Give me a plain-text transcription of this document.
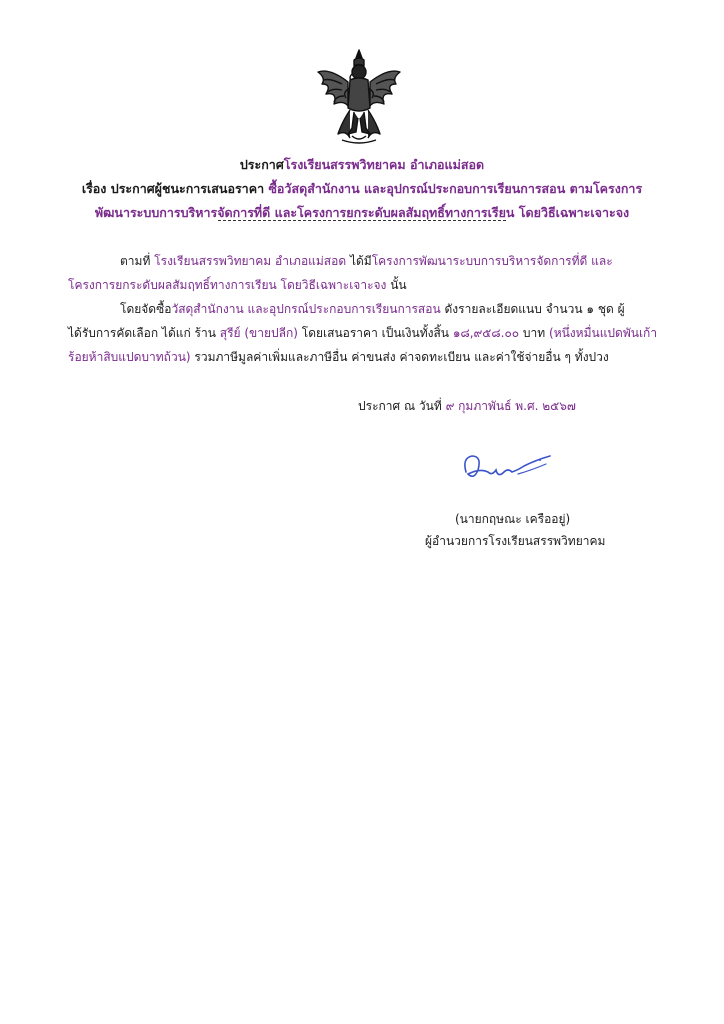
ประกาศโรงเรียนสรรพวิทยาคม อำเภอแม่สอด
เรื่อง ประกาศผู้ชนะการเสนอราคา ซื้อวัสดุสำนักงาน และอุปกรณ์ประกอบการเรียนการสอน ตามโครงการ
พัฒนาระบบการบริหารจัดการที่ดี และโครงการยกระดับผลสัมฤทธิ์ทางการเรียน โดยวิธีเฉพาะเจาะจง
ตามที่ โรงเรียนสรรพวิทยาคม อำเภอแม่สอด ได้มีโครงการพัฒนาระบบการบริหารจัดการที่ดี และ
โครงการยกระดับผลสัมฤทธิ์ทางการเรียน โดยวิธีเฉพาะเจาะจง นั้น
โดยจัดซื้อวัสดุสำนักงาน และอุปกรณ์ประกอบการเรียนการสอน ดังรายละเอียดแนบ จำนวน ๑ ชุด ผู้
ได้รับการคัดเลือก ได้แก่ ร้าน สุรีย์ (ขายปลีก) โดยเสนอราคา เป็นเงินทั้งสิ้น ๑๘,๙๕๘.๐๐ บาท (หนึ่งหมื่นแปดพันเก้า
ร้อยห้าสิบแปดบาทถ้วน) รวมภาษีมูลค่าเพิ่มและภาษีอื่น ค่าขนส่ง ค่าจดทะเบียน และค่าใช้จ่ายอื่น ๆ ทั้งปวง
ประกาศ ณ วันที่ ๙ กุมภาพันธ์ พ.ศ. ๒๕๖๗
(นายกฤษณะ เครืออยู่)
ผู้อำนวยการโรงเรียนสรรพวิทยาคม
